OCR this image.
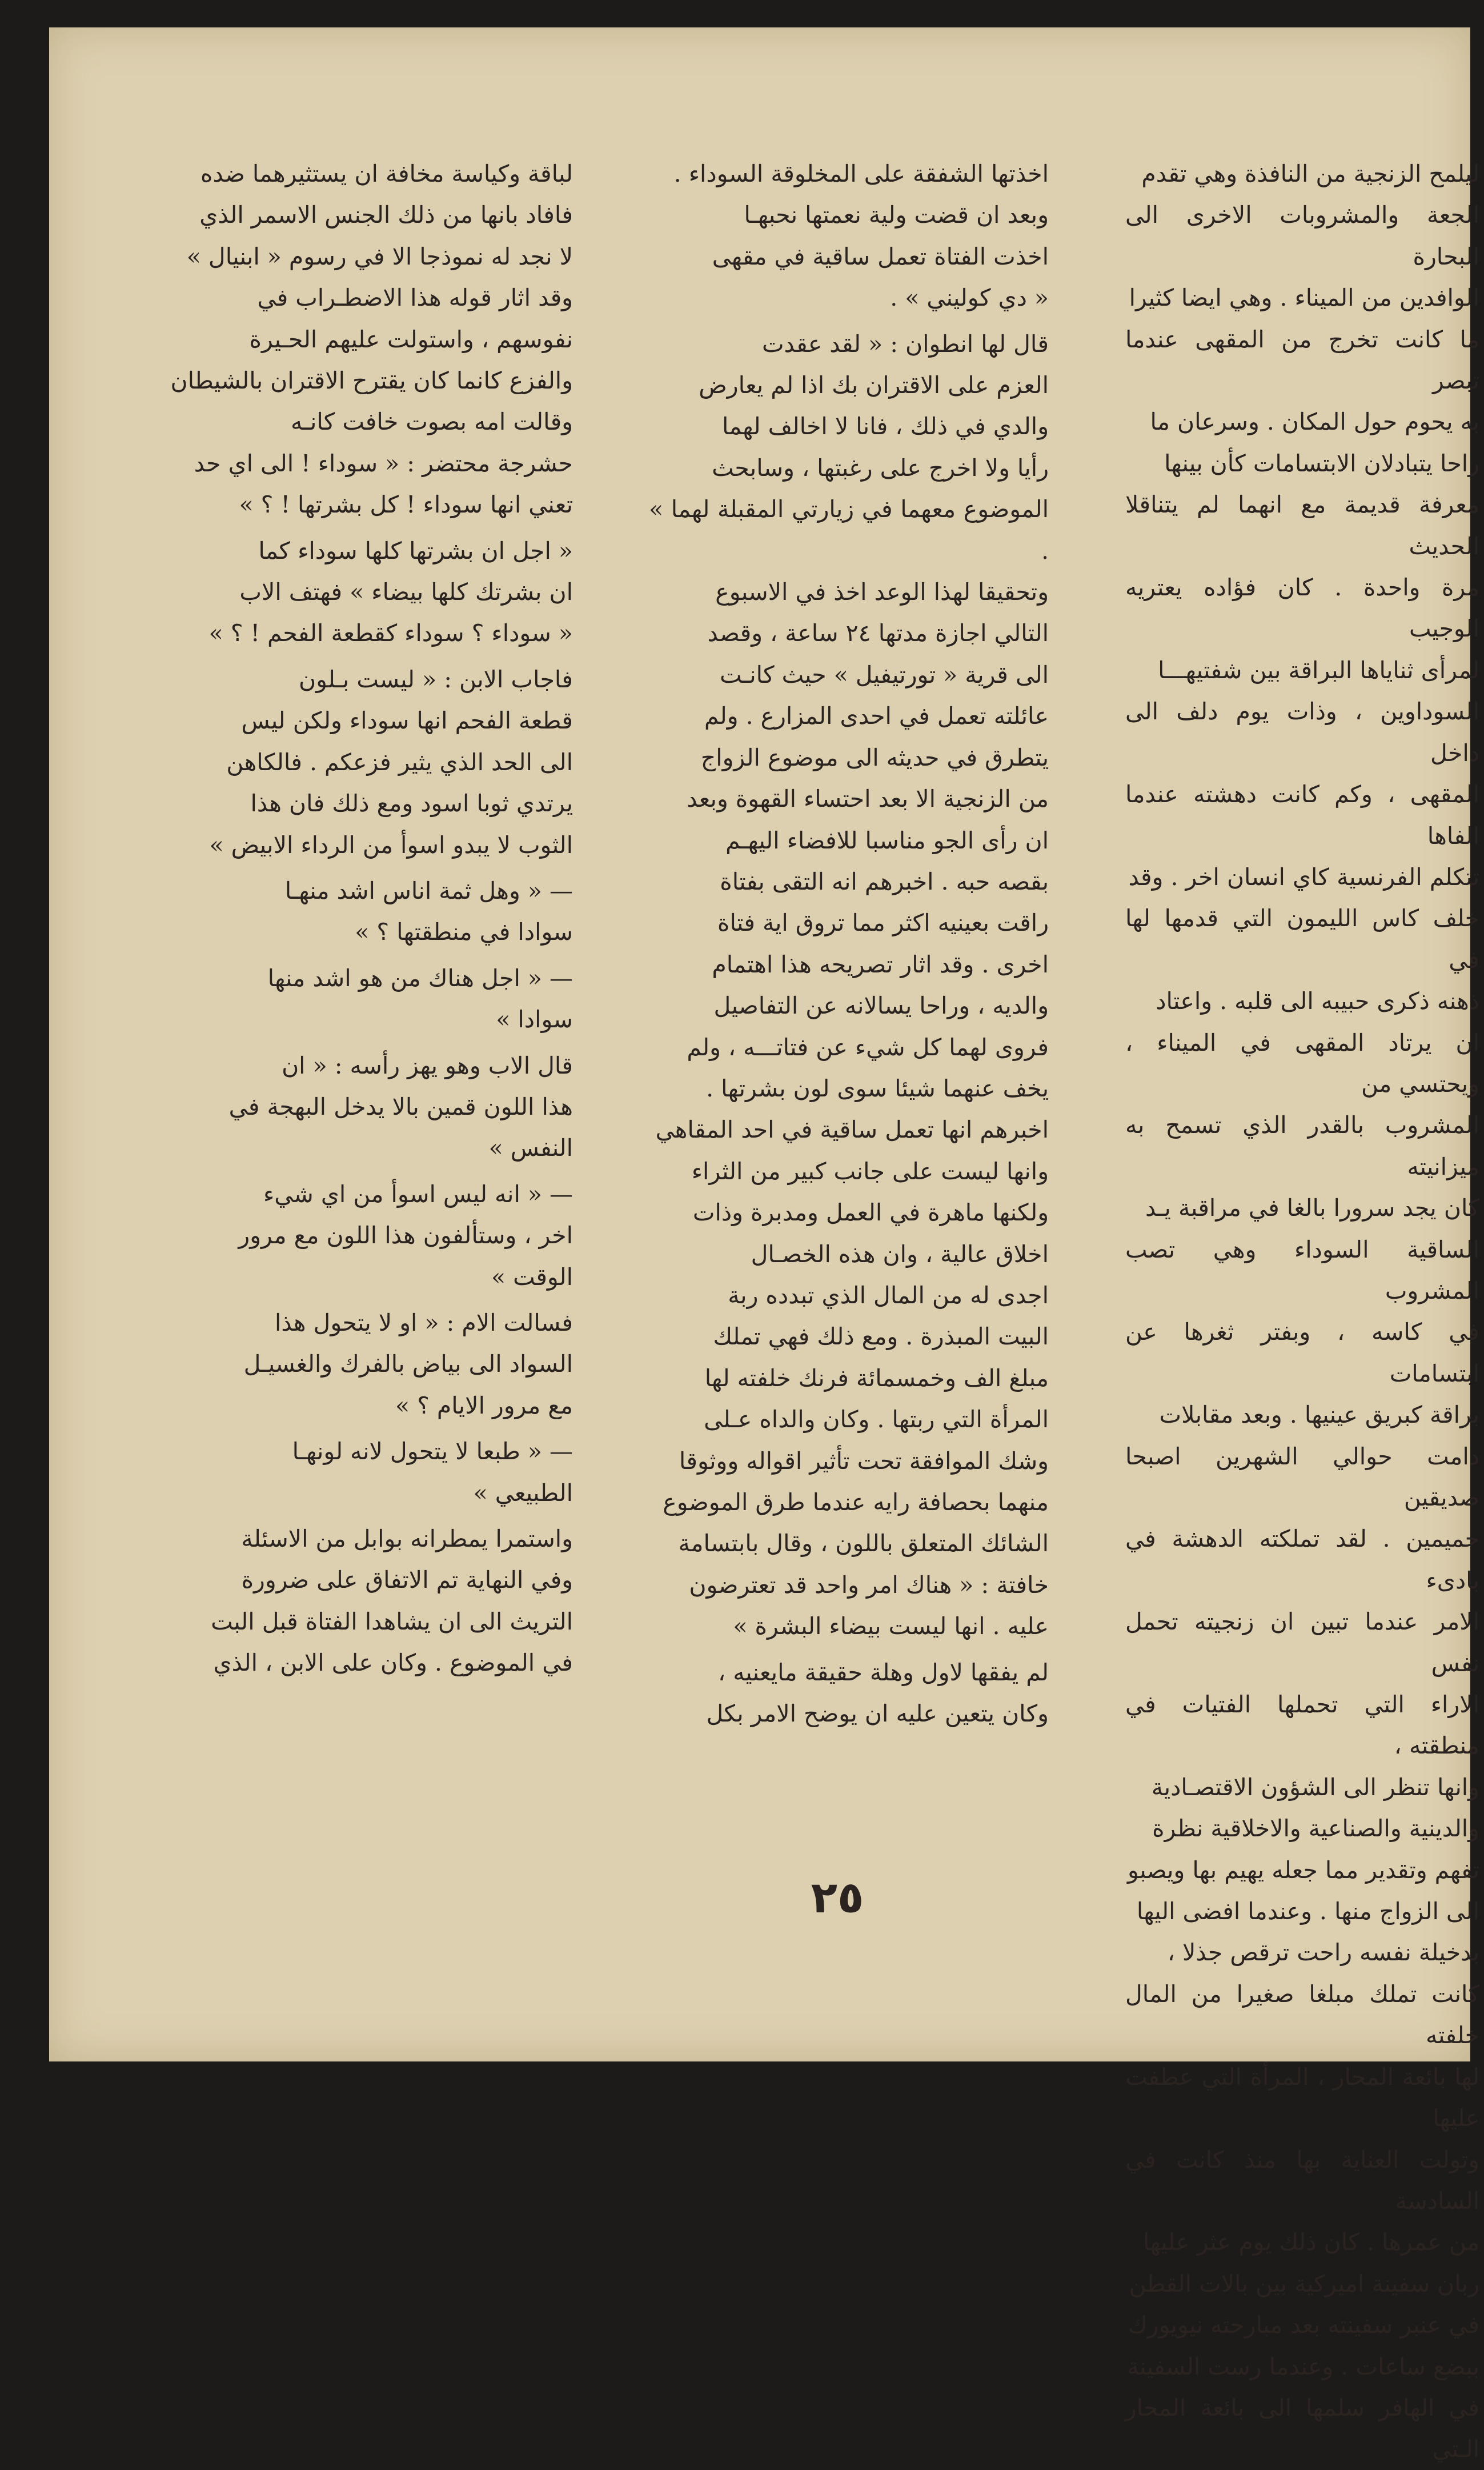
ليلمح الزنجية من النافذة وهي تقدم
الجعة والمشروبات الاخرى الى البحارة
الوافدين من الميناء . وهي ايضا كثيرا
ما كانت تخرج من المقهى عندما تبصر
به يحوم حول المكان . وسرعان ما
راحا يتبادلان الابتسامات كأن بينها
معرفة قديمة مع انهما لم يتناقلا الحديث
مرة واحدة . كان فؤاده يعتريه الوجيب
لمرأى ثناياها البراقة بين شفتيهـــا
السوداوين ، وذات يوم دلف الى داخل
المقهى ، وكم كانت دهشته عندما الفاها
تتكلم الفرنسية كاي انسان اخر . وقد
خلف كاس الليمون التي قدمها لها في
ذهنه ذكرى حبيبه الى قلبه . واعتاد
ان يرتاد المقهى في الميناء ، ويحتسي من
المشروب بالقدر الذي تسمح به ميزانيته
كان يجد سرورا بالغا في مراقبة يـد
الساقية السوداء وهي تصب المشروب
في كاسه ، وبفتر ثغرها عن ابتسامات
براقة كبريق عينيها . وبعد مقابلات
دامت حوالي الشهرين اصبحا صديقين
حميمين . لقد تملكته الدهشة في بادىء
الامر عندما تبين ان زنجيته تحمل نفس
الاراء التي تحملها الفتيات في منطقته ،
وانها تنظر الى الشؤون الاقتصـادية
والدينية والصناعية والاخلاقية نظرة
تفهم وتقدير مما جعله يهيم بها ويصبو
الى الزواج منها . وعندما افضى اليها
بدخيلة نفسه راحت ترقص جذلا ،
كانت تملك مبلغا صغيرا من المال خلفته
لها بائعة المحار ، المرأة التي عطفت عليها
وتولت العناية بها منذ كانت في السادسة
من عمرها . كان ذلك يوم عثر عليها
ربان سفينة اميركية بين بالات القطن
في عنبر سفينته بعد مبارحته نيويورك
ببضع ساعات . وعندما رست السفينة
في الهافر سلمها الى بائعة المحار الـتي

اخذتها الشفقة على المخلوقة السوداء .
وبعد ان قضت ولية نعمتها نحبهـا
اخذت الفتاة تعمل ساقية في مقهى
« دي كوليني » .

قال لها انطوان : « لقد عقدت
العزم على الاقتران بك اذا لم يعارض
والدي في ذلك ، فانا لا اخالف لهما
رأيا ولا اخرج على رغبتها ، وسابحث
الموضوع معهما في زيارتي المقبلة لهما » .
وتحقيقا لهذا الوعد اخذ في الاسبوع
التالي اجازة مدتها ٢٤ ساعة ، وقصد
الى قرية « تورتيفيل » حيث كانـت
عائلته تعمل في احدى المزارع . ولم
يتطرق في حديثه الى موضوع الزواج
من الزنجية الا بعد احتساء القهوة وبعد
ان رأى الجو مناسبا للافضاء اليهـم
بقصه حبه . اخبرهم انه التقى بفتاة
راقت بعينيه اكثر مما تروق اية فتاة
اخرى . وقد اثار تصريحه هذا اهتمام
والديه ، وراحا يسالانه عن التفاصيل
فروى لهما كل شيء عن فتاتـــه ، ولم
يخف عنهما شيئا سوى لون بشرتها .
اخبرهم انها تعمل ساقية في احد المقاهي
وانها ليست على جانب كبير من الثراء
ولكنها ماهرة في العمل ومدبرة وذات
اخلاق عالية ، وان هذه الخصـال
اجدى له من المال الذي تبدده ربة
البيت المبذرة . ومع ذلك فهي تملك
مبلغ الف وخمسمائة فرنك خلفته لها
المرأة التي ربتها . وكان والداه عـلى
وشك الموافقة تحت تأثير اقواله ووثوقا
منهما بحصافة رايه عندما طرق الموضوع
الشائك المتعلق باللون ، وقال بابتسامة
خافتة : « هناك امر واحد قد تعترضون
عليه . انها ليست بيضاء البشرة »

لم يفقها لاول وهلة حقيقة مايعنيه ،
وكان يتعين عليه ان يوضح الامر بكل

لباقة وكياسة مخافة ان يستثيرهما ضده
فافاد بانها من ذلك الجنس الاسمر الذي
لا نجد له نموذجا الا في رسوم « ابنيال »
وقد اثار قوله هذا الاضطـراب في
نفوسهم ، واستولت عليهم الحـيرة
والفزع كانما كان يقترح الاقتران بالشيطان
وقالت امه بصوت خافت كانـه
حشرجة محتضر : « سوداء ! الى اي حد
تعني انها سوداء ! كل بشرتها ! ؟ »

« اجل ان بشرتها كلها سوداء كما
ان بشرتك كلها بيضاء » فهتف الاب
« سوداء ؟ سوداء كقطعة الفحم ! ؟ »

فاجاب الابن : « ليست بـلون
قطعة الفحم انها سوداء ولكن ليس
الى الحد الذي يثير فزعكم . فالكاهن
يرتدي ثوبا اسود ومع ذلك فان هذا
الثوب لا يبدو اسوأ من الرداء الابيض »

— « وهل ثمة اناس اشد منهـا
سوادا في منطقتها ؟ »

— « اجل هناك من هو اشد منها
سوادا »

قال الاب وهو يهز رأسه : « ان
هذا اللون قمين بالا يدخل البهجة في
النفس »

— « انه ليس اسوأ من اي شيء
اخر ، وستألفون هذا اللون مع مرور
الوقت »

فسالت الام : « او لا يتحول هذا
السواد الى بياض بالفرك والغسيـل
مع مرور الايام ؟ »

— « طبعا لا يتحول لانه لونهـا
الطبيعي »

واستمرا يمطرانه بوابل من الاسئلة
وفي النهاية تم الاتفاق على ضرورة
التريث الى ان يشاهدا الفتاة قبل البت
في الموضوع . وكان على الابن ، الذي

٢٥
